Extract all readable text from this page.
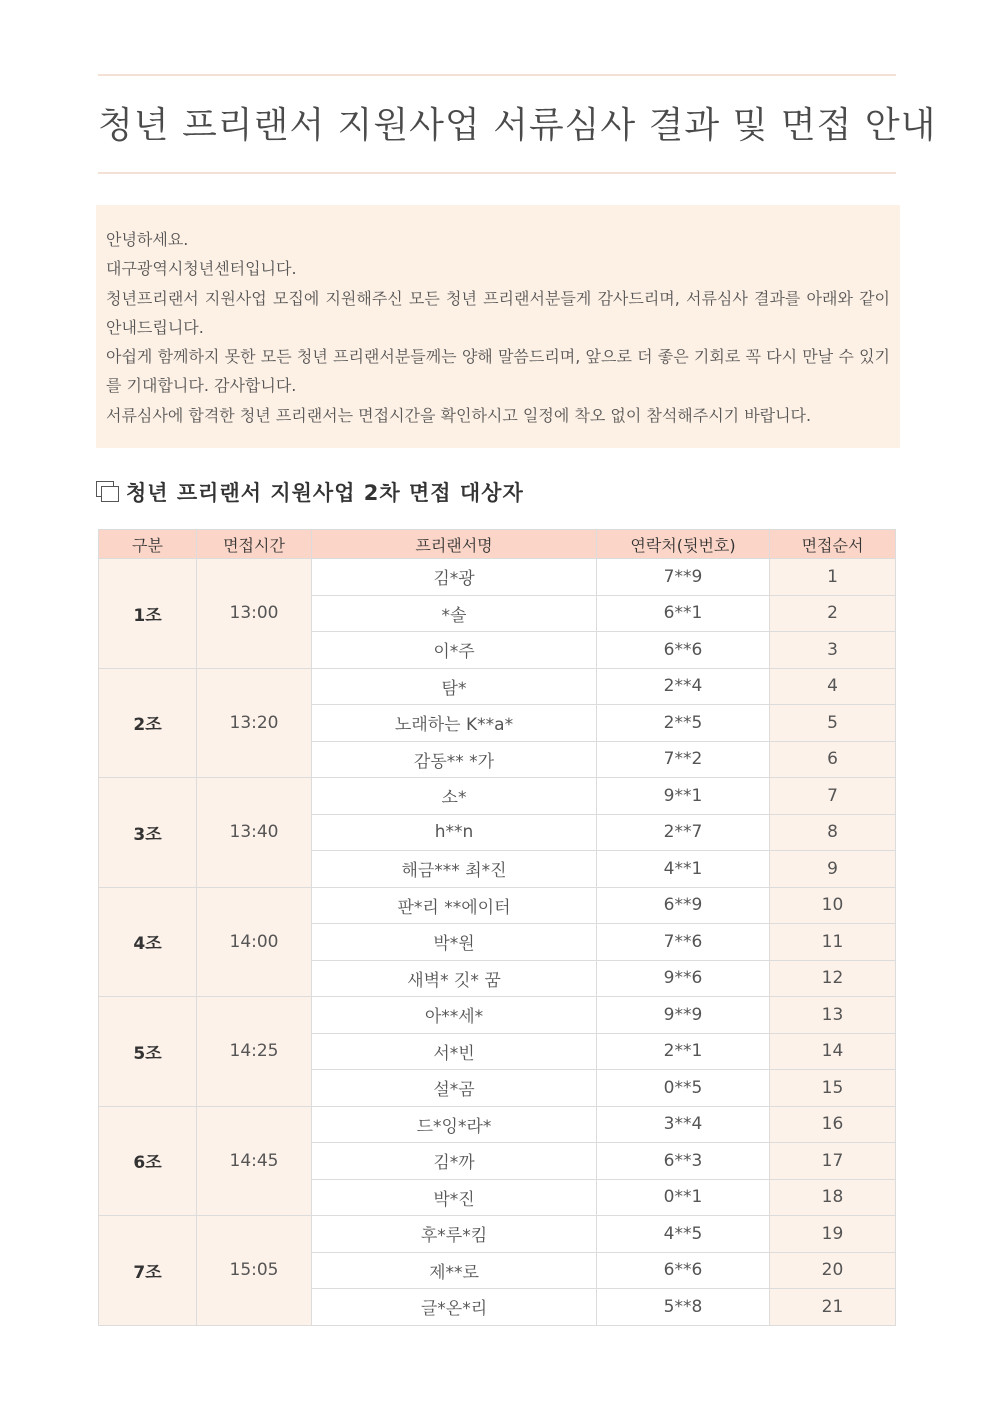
청년 프리랜서 지원사업 서류심사 결과 및 면접 안내

안녕하세요.

대구광역시청년센터입니다.

청년프리랜서 지원사업 모집에 지원해주신 모든 청년 프리랜서분들게 감사드리며, 서류심사 결과를 아래와 같이 안내드립니다.

아쉽게 함께하지 못한 모든 청년 프리랜서분들께는 양해 말씀드리며, 앞으로 더 좋은 기회로 꼭 다시 만날 수 있기를 기대합니다. 감사합니다.

서류심사에 합격한 청년 프리랜서는 면접시간을 확인하시고 일정에 착오 없이 참석해주시기 바랍니다.

청년 프리랜서 지원사업 2차 면접 대상자
구분	면접시간	프리랜서명	연락처(뒷번호)	면접순서
1조	13:00	김*광	7**9	1
		*솔	6**1	2
		이*주	6**6	3
2조	13:20	탐*	2**4	4
		노래하는 K**a*	2**5	5
		감동** *가	7**2	6
3조	13:40	소*	9**1	7
		h**n	2**7	8
		해금*** 최*진	4**1	9
4조	14:00	판*리 **에이터	6**9	10
		박*원	7**6	11
		새벽* 깃* 꿈	9**6	12
5조	14:25	아**세*	9**9	13
		서*빈	2**1	14
		설*곰	0**5	15
6조	14:45	드*잉*라*	3**4	16
		김*까	6**3	17
		박*진	0**1	18
7조	15:05	후*루*킴	4**5	19
		제**로	6**6	20
		글*온*리	5**8	21
